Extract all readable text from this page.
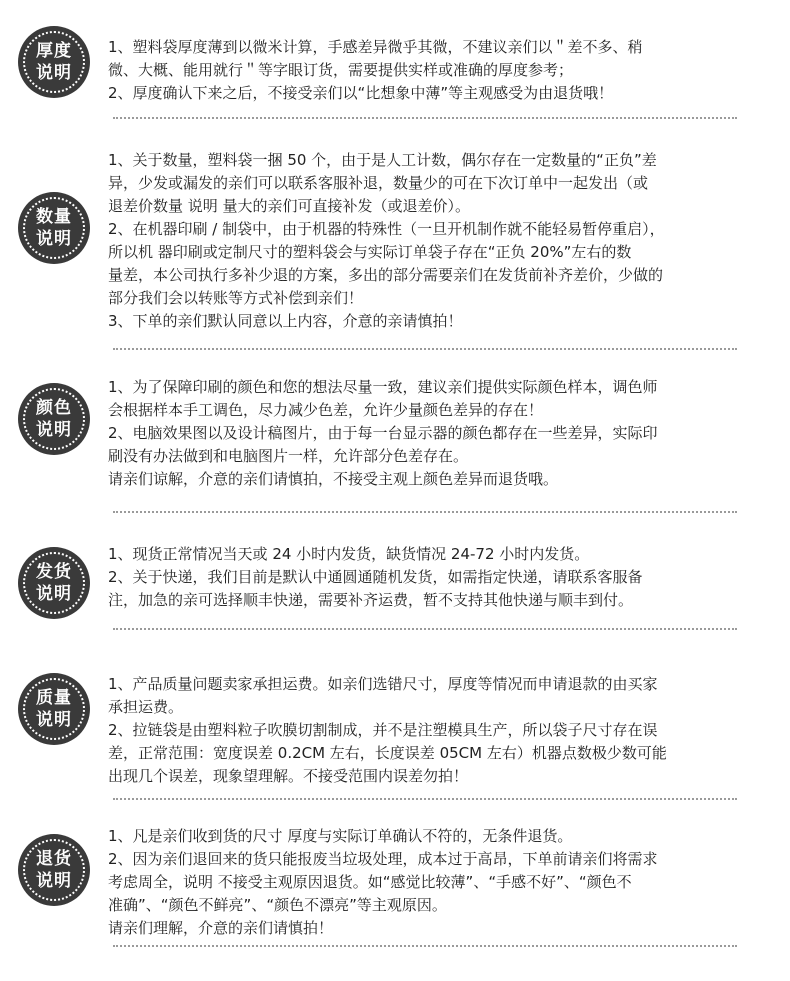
厚度
说明

1、塑料袋厚度薄到以微米计算，手感差异微乎其微，不建议亲们以＂差不多、稍

微、大概、能用就行＂等字眼订货，需要提供实样或准确的厚度参考；

2、厚度确认下来之后，不接受亲们以“比想象中薄”等主观感受为由退货哦！

数量
说明

1、关于数量，塑料袋一捆 50 个，由于是人工计数，偶尔存在一定数量的“正负”差

异，少发或漏发的亲们可以联系客服补退，数量少的可在下次订单中一起发出（或

退差价数量 说明 量大的亲们可直接补发（或退差价）。

2、在机器印刷 / 制袋中，由于机器的特殊性（一旦开机制作就不能轻易暂停重启），

所以机 器印刷或定制尺寸的塑料袋会与实际订单袋子存在“正负 20%”左右的数

量差，本公司执行多补少退的方案，多出的部分需要亲们在发货前补齐差价，少做的

部分我们会以转账等方式补偿到亲们！

3、下单的亲们默认同意以上内容，介意的亲请慎拍！

颜色
说明

1、为了保障印刷的颜色和您的想法尽量一致，建议亲们提供实际颜色样本，调色师

会根据样本手工调色，尽力减少色差，允许少量颜色差异的存在！

2、电脑效果图以及设计稿图片，由于每一台显示器的颜色都存在一些差异，实际印

刷没有办法做到和电脑图片一样，允许部分色差存在。

请亲们谅解，介意的亲们请慎拍，不接受主观上颜色差异而退货哦。

发货
说明

1、现货正常情况当天或 24 小时内发货，缺货情况 24-72 小时内发货。

2、关于快递，我们目前是默认中通圆通随机发货，如需指定快递，请联系客服备

注，加急的亲可选择顺丰快递，需要补齐运费，暂不支持其他快递与顺丰到付。

质量
说明

1、产品质量问题卖家承担运费。如亲们选错尺寸，厚度等情况而申请退款的由买家

承担运费。

2、拉链袋是由塑料粒子吹膜切割制成，并不是注塑模具生产，所以袋子尺寸存在误

差，正常范围：宽度误差 0.2CM 左右，长度误差 05CM 左右）机器点数极少数可能

出现几个误差，现象望理解。不接受范围内误差勿拍！

退货
说明

1、凡是亲们收到货的尺寸 厚度与实际订单确认不符的，无条件退货。

2、因为亲们退回来的货只能报废当垃圾处理，成本过于高昂，下单前请亲们将需求

考虑周全，说明 不接受主观原因退货。如“感觉比较薄”、“手感不好”、“颜色不

准确”、“颜色不鲜亮”、“颜色不漂亮”等主观原因。

请亲们理解，介意的亲们请慎拍！
